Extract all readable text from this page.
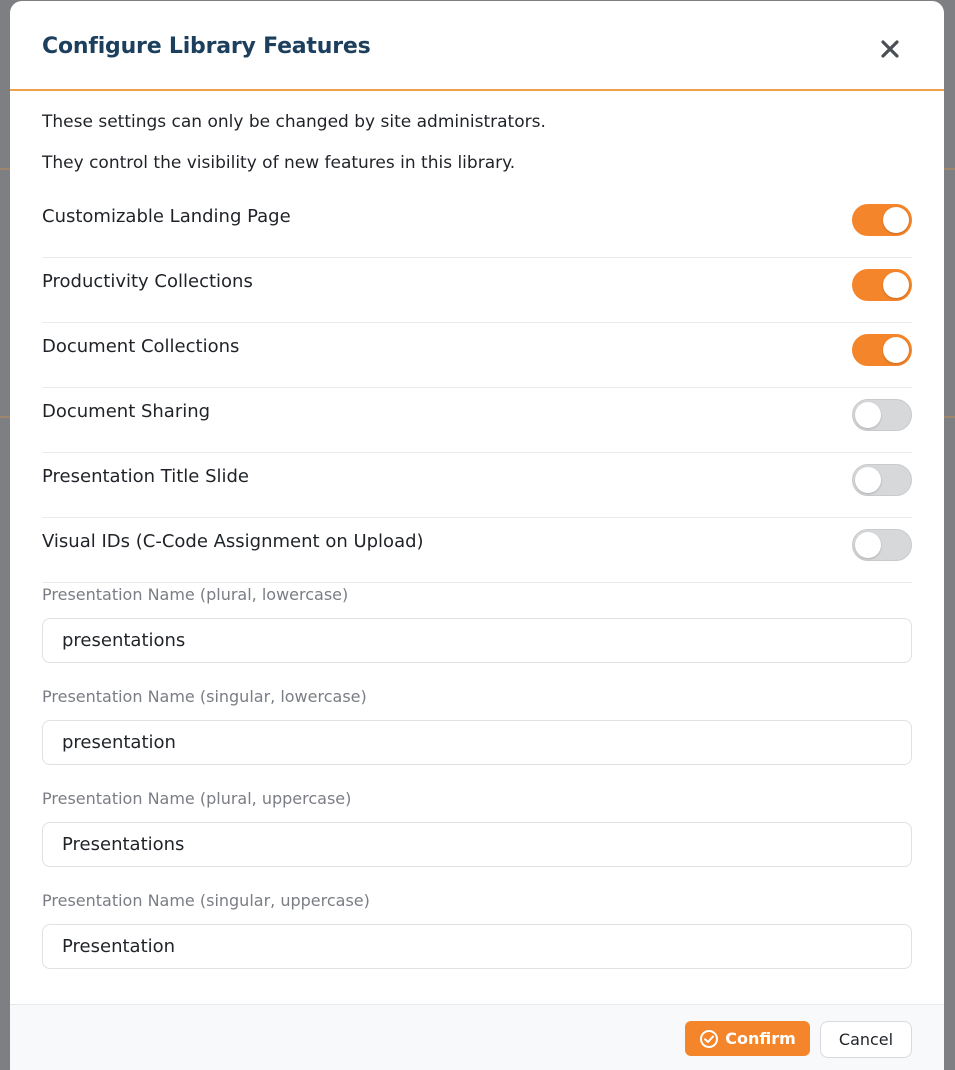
Configure Library Features
These settings can only be changed by site administrators.
They control the visibility of new features in this library.
Customizable Landing Page
Productivity Collections
Document Collections
Document Sharing
Presentation Title Slide
Visual IDs (C-Code Assignment on Upload)
Presentation Name (plural, lowercase)
presentations
Presentation Name (singular, lowercase)
presentation
Presentation Name (plural, uppercase)
Presentations
Presentation Name (singular, uppercase)
Presentation
Confirm	Cancel
